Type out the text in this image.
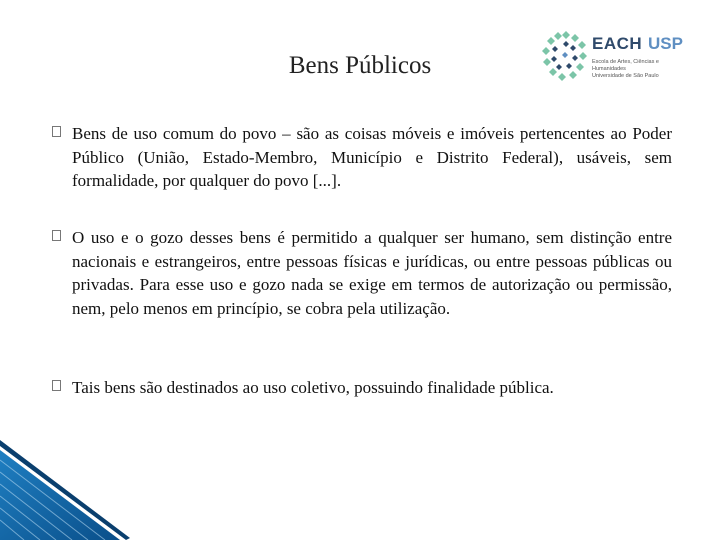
Bens Públicos
EACH USP
Escola de Artes, Ciências e Humanidades
Universidade de São Paulo
Bens de uso comum do povo – são as coisas móveis e imóveis pertencentes ao Poder Público (União, Estado-Membro, Município e Distrito Federal), usáveis, sem formalidade, por qualquer do povo [...].
O uso e o gozo desses bens é permitido a qualquer ser humano, sem distinção entre nacionais e estrangeiros, entre pessoas físicas e jurídicas, ou entre pessoas públicas ou privadas. Para esse uso e gozo nada se exige em termos de autorização ou permissão, nem, pelo menos em princípio, se cobra pela utilização.
Tais bens são destinados ao uso coletivo, possuindo finalidade pública.
